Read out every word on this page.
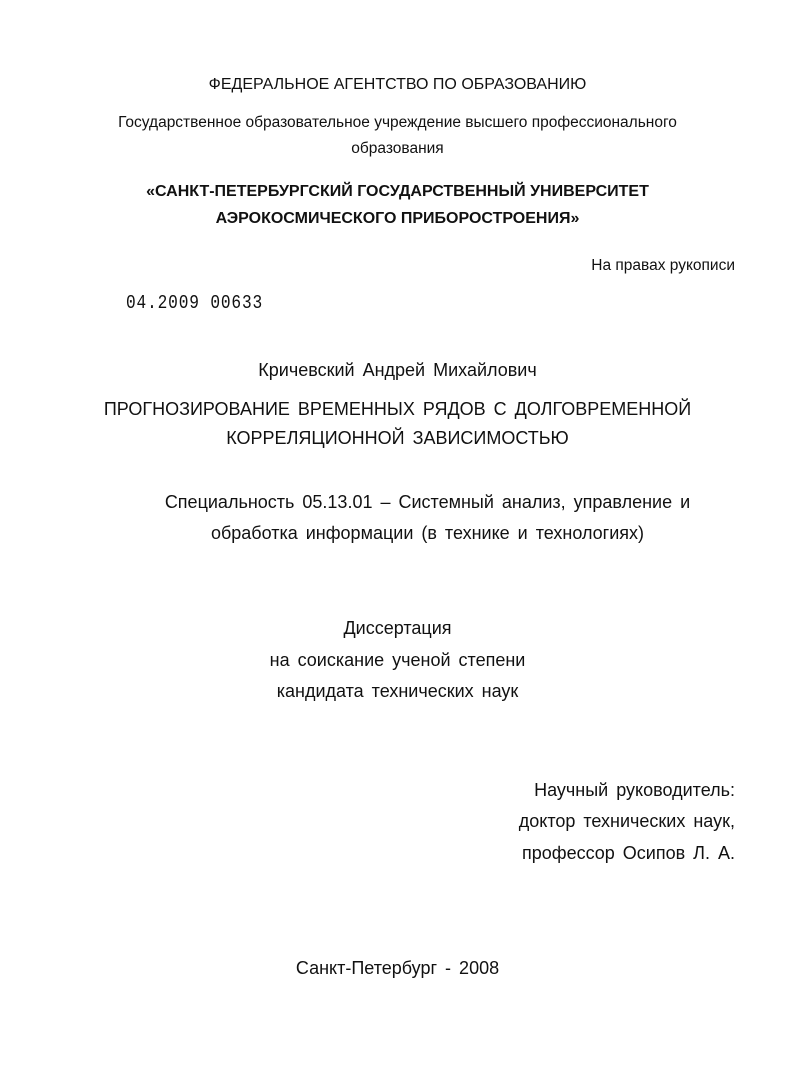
ФЕДЕРАЛЬНОЕ АГЕНТСТВО ПО ОБРАЗОВАНИЮ
Государственное образовательное учреждение высшего профессионального
образования
«САНКТ-ПЕТЕРБУРГСКИЙ ГОСУДАРСТВЕННЫЙ УНИВЕРСИТЕТ
АЭРОКОСМИЧЕСКОГО ПРИБОРОСТРОЕНИЯ»
На правах рукописи
04.2009 00633
Кричевский Андрей Михайлович
ПРОГНОЗИРОВАНИЕ ВРЕМЕННЫХ РЯДОВ С ДОЛГОВРЕМЕННОЙ
КОРРЕЛЯЦИОННОЙ ЗАВИСИМОСТЬЮ
Специальность 05.13.01 – Системный анализ, управление и
обработка информации (в технике и технологиях)
Диссертация
на соискание ученой степени
кандидата технических наук
Научный руководитель:
доктор технических наук,
профессор Осипов Л. А.
Санкт-Петербург - 2008
